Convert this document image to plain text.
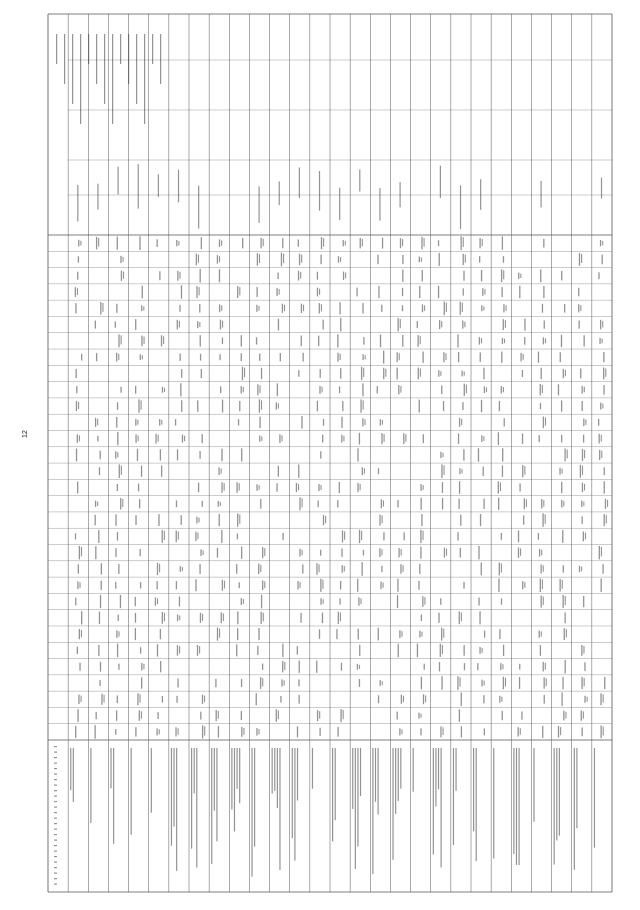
12
